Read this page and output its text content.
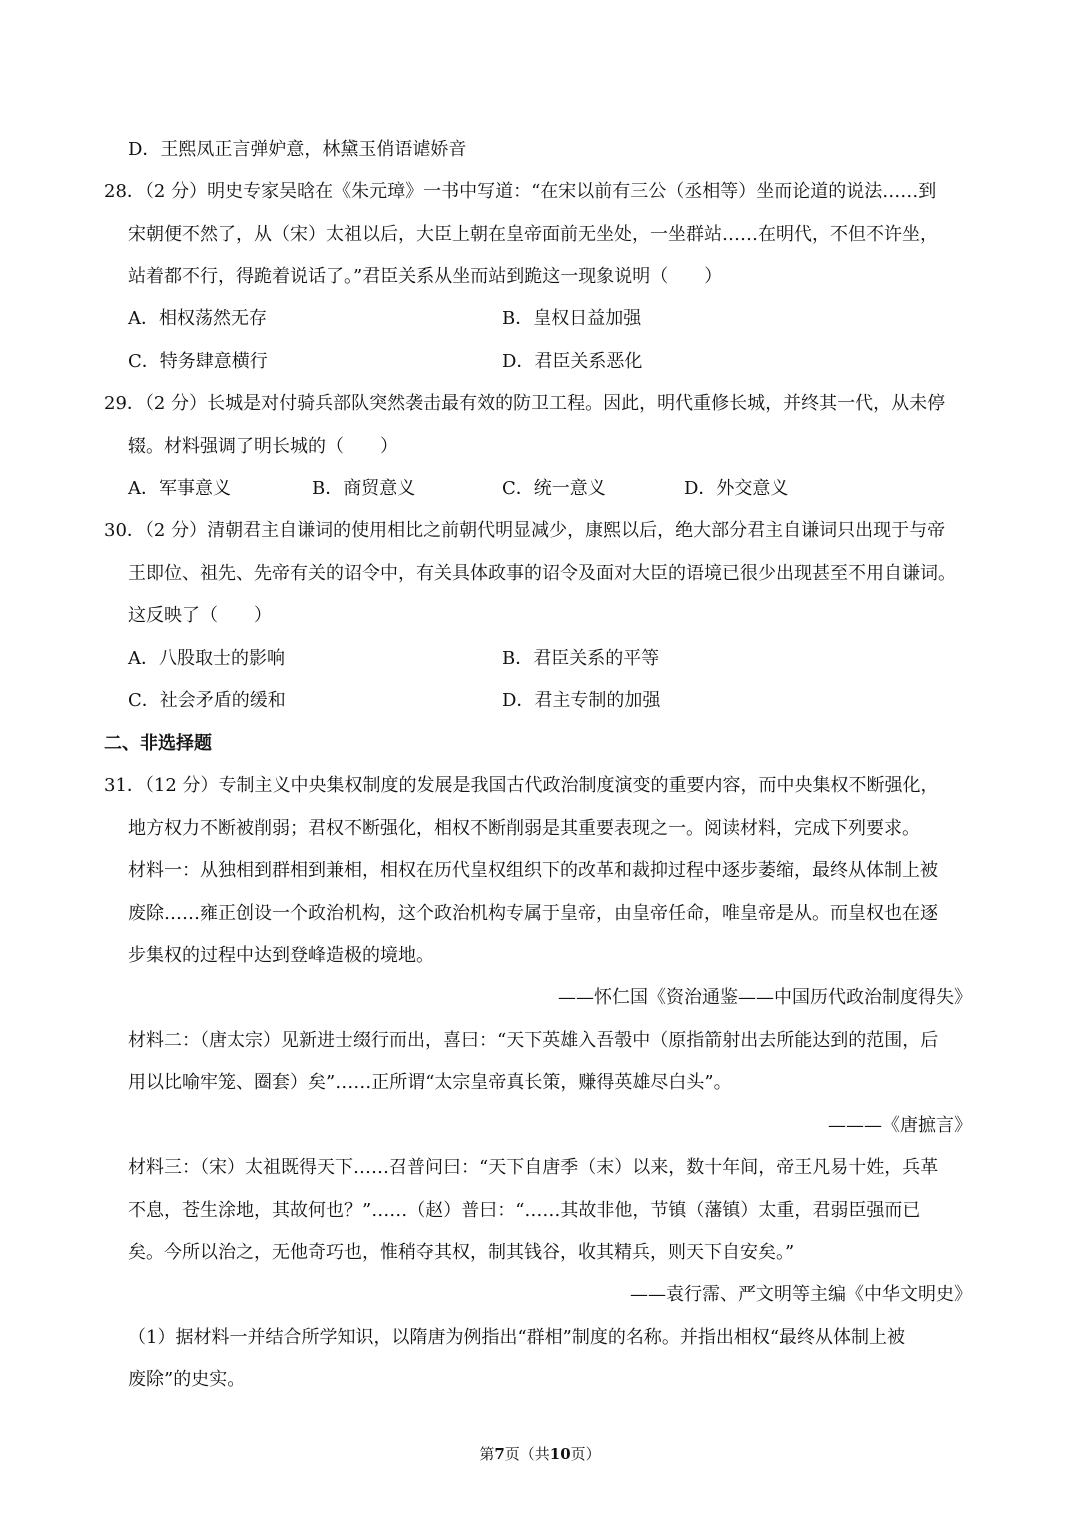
D．王熙凤正言弹妒意，林黛玉俏语谑娇音
28．（2 分）明史专家吴晗在《朱元璋》一书中写道：“在宋以前有三公（丞相等）坐而论道的说法……到
宋朝便不然了，从（宋）太祖以后，大臣上朝在皇帝面前无坐处，一坐群站……在明代，不但不许坐，
站着都不行，得跪着说话了。”君臣关系从坐而站到跪这一现象说明（　　）
A．相权荡然无存	B．皇权日益加强
C．特务肆意横行	D．君臣关系恶化
29．（2 分）长城是对付骑兵部队突然袭击最有效的防卫工程。因此，明代重修长城，并终其一代，从未停
辍。材料强调了明长城的（　　）
A．军事意义	B．商贸意义	C．统一意义	D．外交意义
30．（2 分）清朝君主自谦词的使用相比之前朝代明显减少，康熙以后，绝大部分君主自谦词只出现于与帝
王即位、祖先、先帝有关的诏令中，有关具体政事的诏令及面对大臣的语境已很少出现甚至不用自谦词。
这反映了（　　）
A．八股取士的影响	B．君臣关系的平等
C．社会矛盾的缓和	D．君主专制的加强
二、非选择题
31．（12 分）专制主义中央集权制度的发展是我国古代政治制度演变的重要内容，而中央集权不断强化，
地方权力不断被削弱；君权不断强化，相权不断削弱是其重要表现之一。阅读材料，完成下列要求。
材料一：从独相到群相到兼相，相权在历代皇权组织下的改革和裁抑过程中逐步萎缩，最终从体制上被
废除……雍正创设一个政治机构，这个政治机构专属于皇帝，由皇帝任命，唯皇帝是从。而皇权也在逐
步集权的过程中达到登峰造极的境地。
——怀仁国《资治通鉴——中国历代政治制度得失》
材料二：（唐太宗）见新进士缀行而出，喜曰：“天下英雄入吾彀中（原指箭射出去所能达到的范围，后
用以比喻牢笼、圈套）矣”……正所谓“太宗皇帝真长策，赚得英雄尽白头”。
———《唐摭言》
材料三：（宋）太祖既得天下……召普问曰：“天下自唐季（末）以来，数十年间，帝王凡易十姓，兵革
不息，苍生涂地，其故何也？”……（赵）普曰：“……其故非他，节镇（藩镇）太重，君弱臣强而已
矣。今所以治之，无他奇巧也，惟稍夺其权，制其钱谷，收其精兵，则天下自安矣。”
——袁行霈、严文明等主编《中华文明史》
（1）据材料一并结合所学知识，以隋唐为例指出“群相”制度的名称。并指出相权“最终从体制上被
废除”的史实。
第7页（共10页）
